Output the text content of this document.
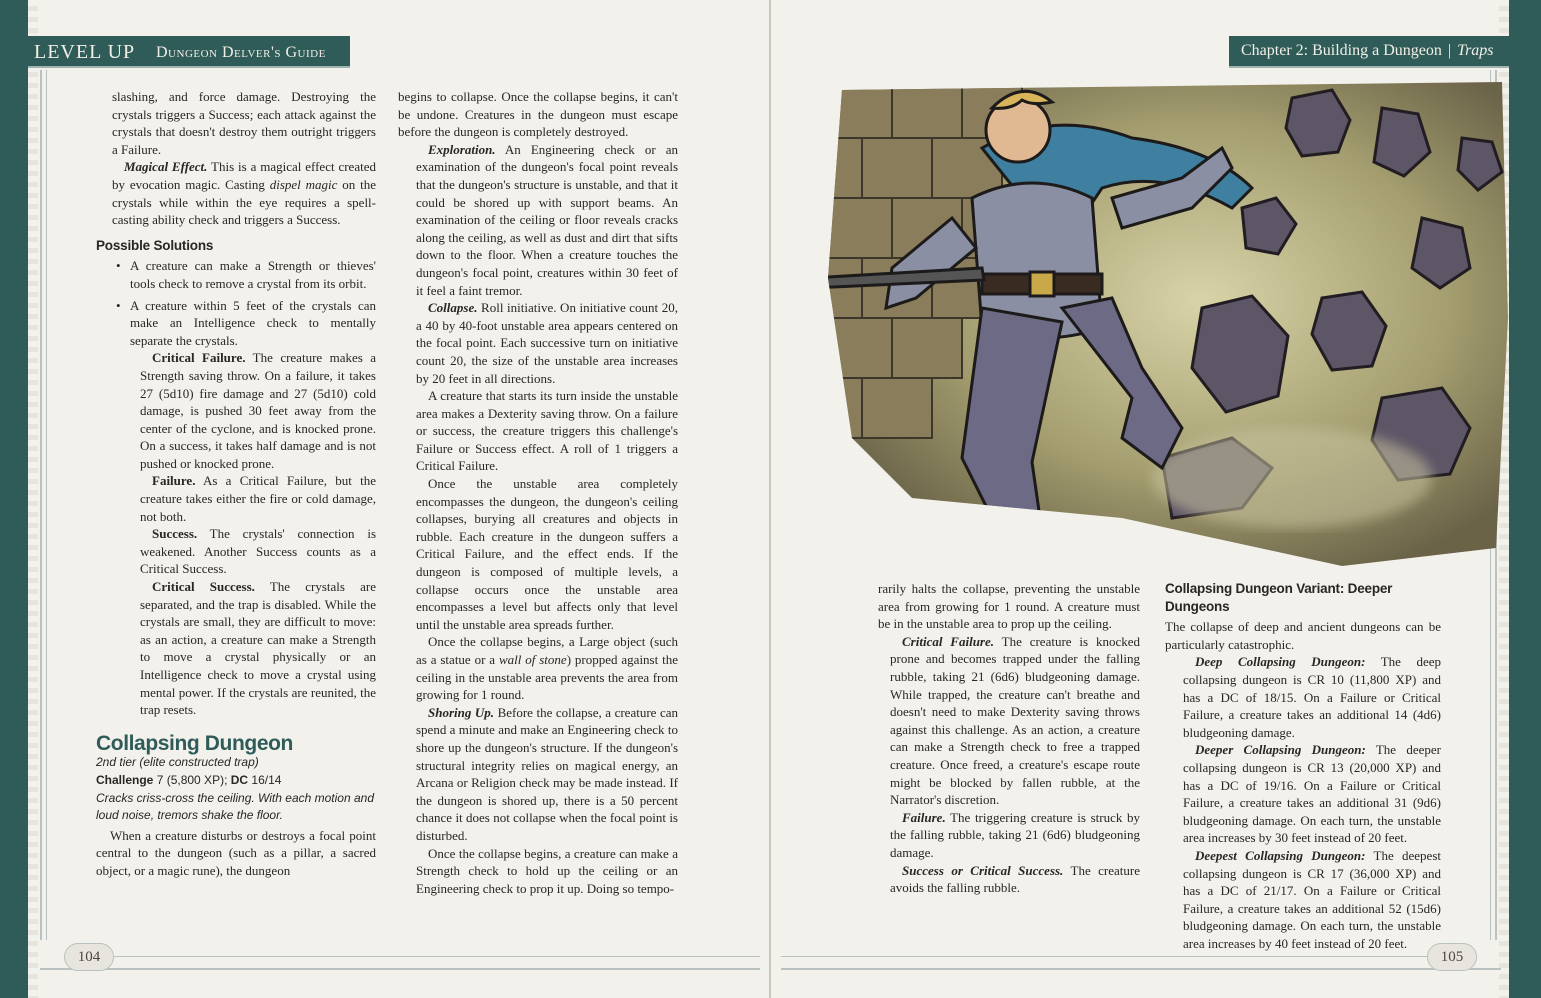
LEVEL UP Dungeon Delver's Guide

slashing, and force damage. Destroying the crystals triggers a Success; each attack against the crystals that doesn't destroy them outright triggers a Failure.

Magical Effect. This is a magical effect created by evocation magic. Casting dispel magic on the crystals while within the eye requires a spell-casting ability check and triggers a Success.

Possible Solutions
• A creature can make a Strength or thieves' tools check to remove a crystal from its orbit.
• A creature within 5 feet of the crystals can make an Intelligence check to mentally separate the crystals.

Critical Failure. The creature makes a Strength saving throw. On a failure, it takes 27 (5d10) fire damage and 27 (5d10) cold damage, is pushed 30 feet away from the center of the cyclone, and is knocked prone. On a success, it takes half damage and is not pushed or knocked prone.

Failure. As a Critical Failure, but the creature takes either the fire or cold damage, not both.

Success. The crystals' connection is weakened. Another Success counts as a Critical Success.

Critical Success. The crystals are separated, and the trap is disabled. While the crystals are small, they are difficult to move: as an action, a creature can make a Strength to move a crystal physically or an Intelligence check to move a crystal using mental power. If the crystals are reunited, the trap resets.

Collapsing Dungeon
2nd tier (elite constructed trap)
Challenge 7 (5,800 XP); DC 16/14
Cracks criss-cross the ceiling. With each motion and loud noise, tremors shake the floor.

When a creature disturbs or destroys a focal point central to the dungeon (such as a pillar, a sacred object, or a magic rune), the dungeon

begins to collapse. Once the collapse begins, it can't be undone. Creatures in the dungeon must escape before the dungeon is completely destroyed.

Exploration. An Engineering check or an examination of the dungeon's focal point reveals that the dungeon's structure is unstable, and that it could be shored up with support beams. An examination of the ceiling or floor reveals cracks along the ceiling, as well as dust and dirt that sifts down to the floor. When a creature touches the dungeon's focal point, creatures within 30 feet of it feel a faint tremor.

Collapse. Roll initiative. On initiative count 20, a 40 by 40-foot unstable area appears centered on the focal point. Each successive turn on initiative count 20, the size of the unstable area increases by 20 feet in all directions.

A creature that starts its turn inside the unstable area makes a Dexterity saving throw. On a failure or success, the creature triggers this challenge's Failure or Success effect. A roll of 1 triggers a Critical Failure.

Once the unstable area completely encompasses the dungeon, the dungeon's ceiling collapses, burying all creatures and objects in rubble. Each creature in the dungeon suffers a Critical Failure, and the effect ends. If the dungeon is composed of multiple levels, a collapse occurs once the unstable area encompasses a level but affects only that level until the unstable area spreads further.

Once the collapse begins, a Large object (such as a statue or a wall of stone) propped against the ceiling in the unstable area prevents the area from growing for 1 round.

Shoring Up. Before the collapse, a creature can spend a minute and make an Engineering check to shore up the dungeon's structure. If the dungeon's structural integrity relies on magical energy, an Arcana or Religion check may be made instead. If the dungeon is shored up, there is a 50 percent chance it does not collapse when the focal point is disturbed.

Once the collapse begins, a creature can make a Strength check to hold up the ceiling or an Engineering check to prop it up. Doing so tempo-

104
Chapter 2: Building a Dungeon | Traps
105

rarily halts the collapse, preventing the unstable area from growing for 1 round. A creature must be in the unstable area to prop up the ceiling.

Critical Failure. The creature is knocked prone and becomes trapped under the falling rubble, taking 21 (6d6) bludgeoning damage. While trapped, the creature can't breathe and doesn't need to make Dexterity saving throws against this challenge. As an action, a creature can make a Strength check to free a trapped creature. Once freed, a creature's escape route might be blocked by fallen rubble, at the Narrator's discretion.

Failure. The triggering creature is struck by the falling rubble, taking 21 (6d6) bludgeoning damage.

Success or Critical Success. The creature avoids the falling rubble.

Collapsing Dungeon Variant: Deeper Dungeons

The collapse of deep and ancient dungeons can be particularly catastrophic.

Deep Collapsing Dungeon: The deep collapsing dungeon is CR 10 (11,800 XP) and has a DC of 18/15. On a Failure or Critical Failure, a creature takes an additional 14 (4d6) bludgeoning damage.

Deeper Collapsing Dungeon: The deeper collapsing dungeon is CR 13 (20,000 XP) and has a DC of 19/16. On a Failure or Critical Failure, a creature takes an additional 31 (9d6) bludgeoning damage. On each turn, the unstable area increases by 30 feet instead of 20 feet.

Deepest Collapsing Dungeon: The deepest collapsing dungeon is CR 17 (36,000 XP) and has a DC of 21/17. On a Failure or Critical Failure, a creature takes an additional 52 (15d6) bludgeoning damage. On each turn, the unstable area increases by 40 feet instead of 20 feet.
